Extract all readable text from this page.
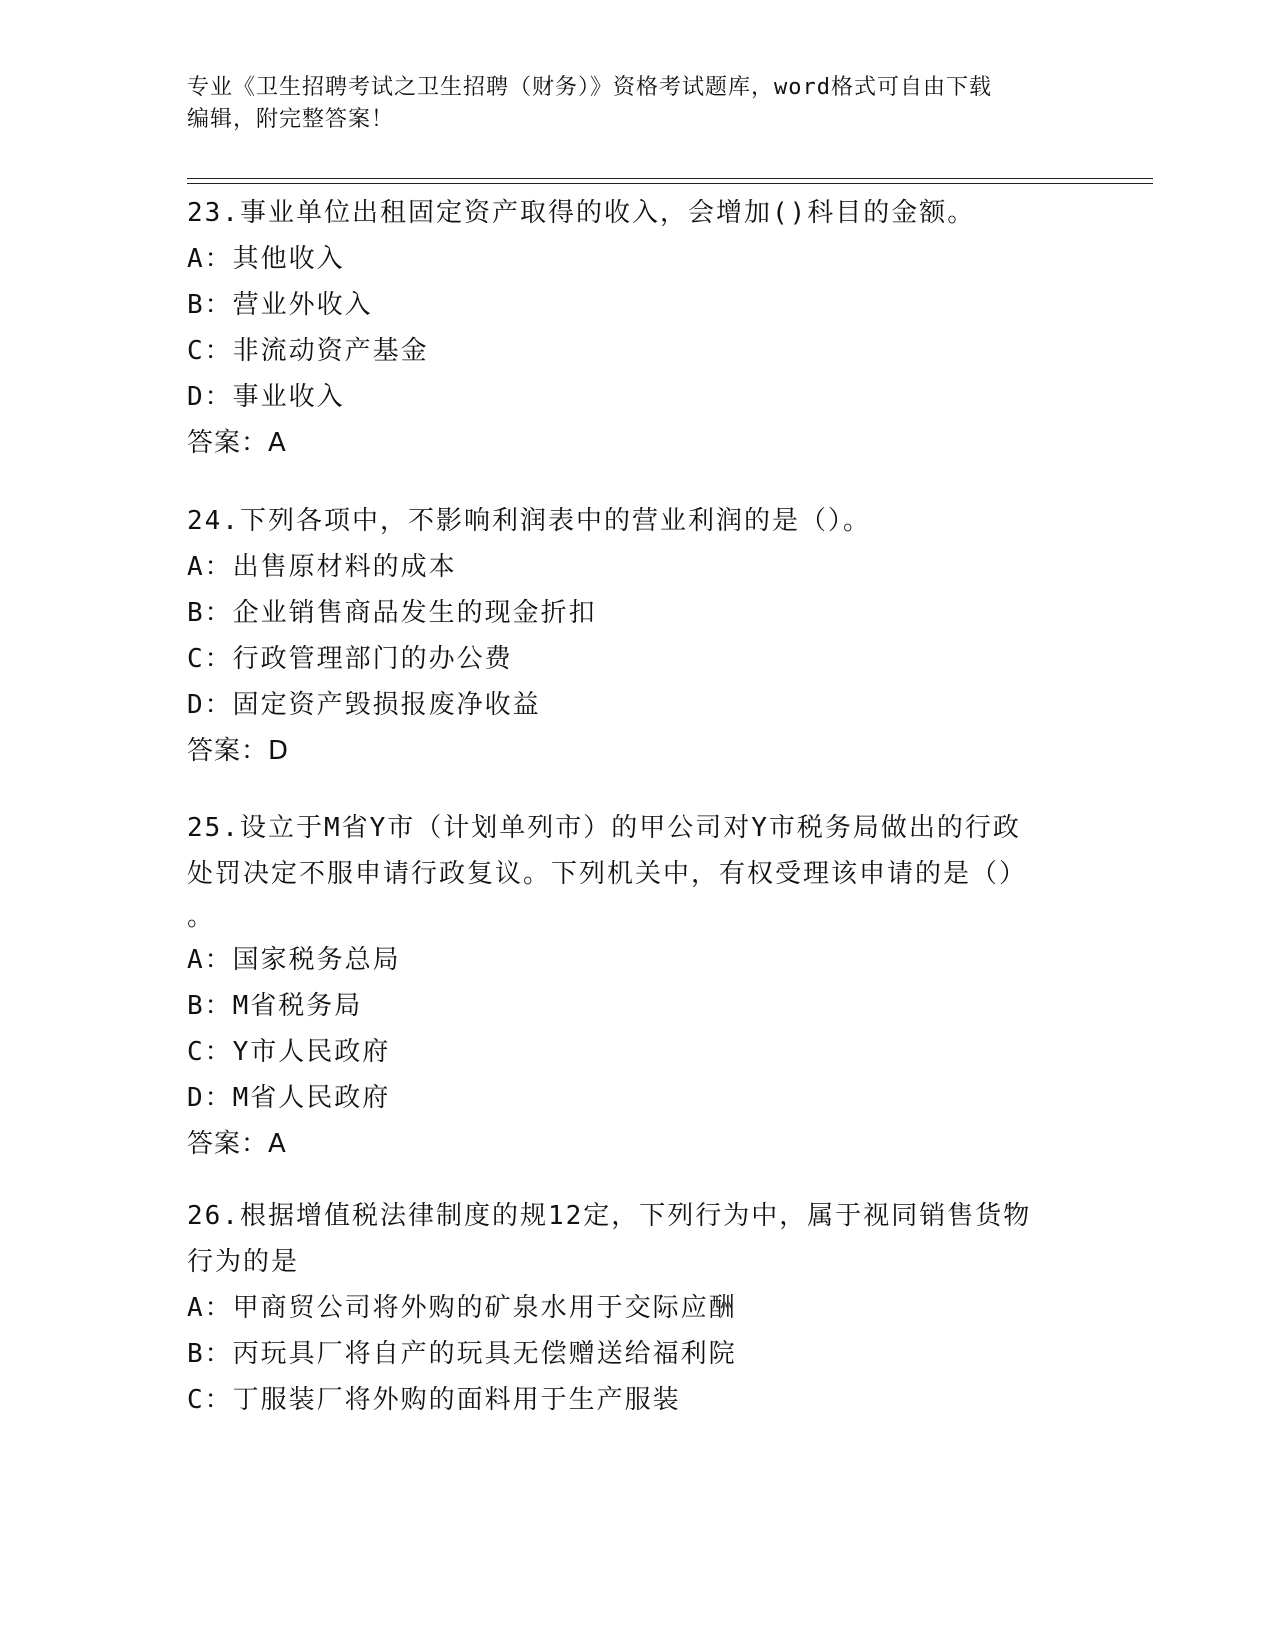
专业《卫生招聘考试之卫生招聘（财务）》资格考试题库，word格式可自由下载
编辑，附完整答案！
23.事业单位出租固定资产取得的收入，会增加()科目的金额。
A：其他收入
B：营业外收入
C：非流动资产基金
D：事业收入
答案：A
24.下列各项中，不影响利润表中的营业利润的是（）。
A：出售原材料的成本
B：企业销售商品发生的现金折扣
C：行政管理部门的办公费
D：固定资产毁损报废净收益
答案：D
25.设立于M省Y市（计划单列市）的甲公司对Y市税务局做出的行政
处罚决定不服申请行政复议。下列机关中，有权受理该申请的是（）
。
A：国家税务总局
B：M省税务局
C：Y市人民政府
D：M省人民政府
答案：A
26.根据增值税法律制度的规12定，下列行为中，属于视同销售货物
行为的是
A：甲商贸公司将外购的矿泉水用于交际应酬
B：丙玩具厂将自产的玩具无偿赠送给福利院
C：丁服装厂将外购的面料用于生产服装
